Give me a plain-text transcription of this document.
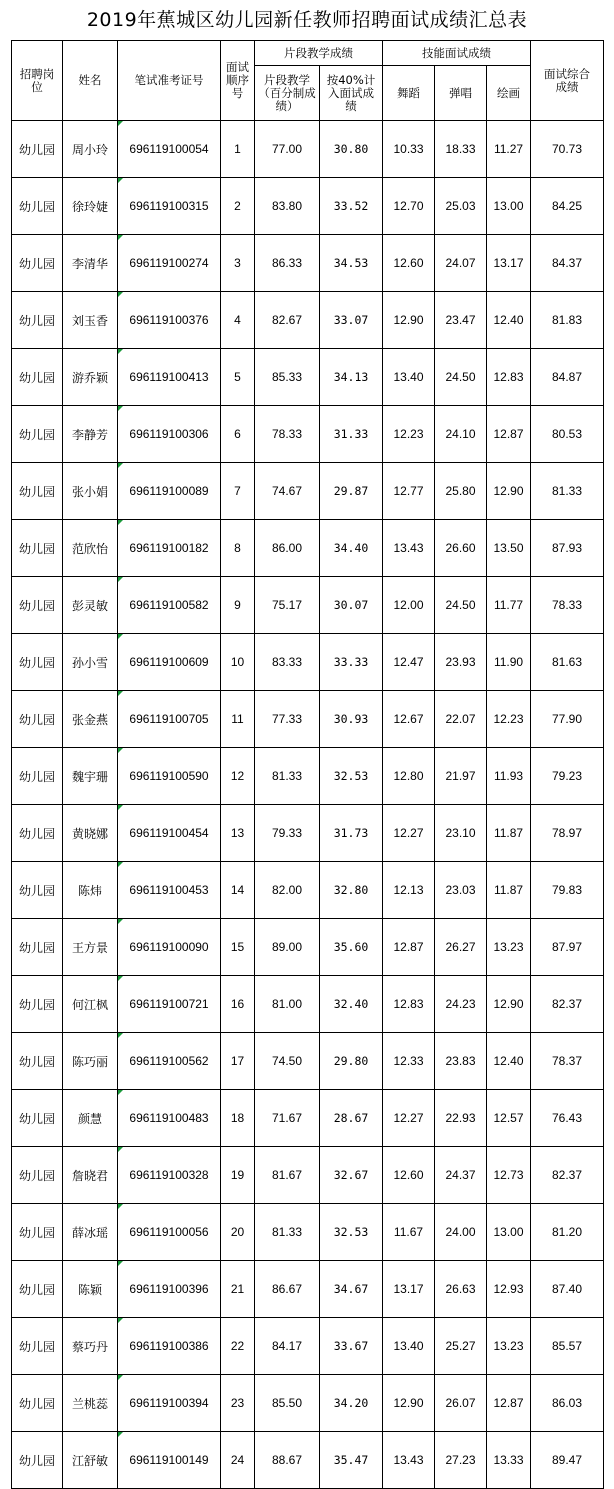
2019年蕉城区幼儿园新任教师招聘面试成绩汇总表
招聘岗位	姓名	笔试准考证号	面试顺序号	片段教学成绩		技能面试成绩			面试综合成绩
				片段教学（百分制成绩）	按40%计入面试成绩	舞蹈	弹唱	绘画	
幼儿园	周小玲	696119100054	1	77.00	30.80	10.33	18.33	11.27	70.73
幼儿园	徐玲婕	696119100315	2	83.80	33.52	12.70	25.03	13.00	84.25
幼儿园	李清华	696119100274	3	86.33	34.53	12.60	24.07	13.17	84.37
幼儿园	刘玉香	696119100376	4	82.67	33.07	12.90	23.47	12.40	81.83
幼儿园	游乔颖	696119100413	5	85.33	34.13	13.40	24.50	12.83	84.87
幼儿园	李静芳	696119100306	6	78.33	31.33	12.23	24.10	12.87	80.53
幼儿园	张小娟	696119100089	7	74.67	29.87	12.77	25.80	12.90	81.33
幼儿园	范欣怡	696119100182	8	86.00	34.40	13.43	26.60	13.50	87.93
幼儿园	彭灵敏	696119100582	9	75.17	30.07	12.00	24.50	11.77	78.33
幼儿园	孙小雪	696119100609	10	83.33	33.33	12.47	23.93	11.90	81.63
幼儿园	张金燕	696119100705	11	77.33	30.93	12.67	22.07	12.23	77.90
幼儿园	魏宇珊	696119100590	12	81.33	32.53	12.80	21.97	11.93	79.23
幼儿园	黄晓娜	696119100454	13	79.33	31.73	12.27	23.10	11.87	78.97
幼儿园	陈炜	696119100453	14	82.00	32.80	12.13	23.03	11.87	79.83
幼儿园	王方景	696119100090	15	89.00	35.60	12.87	26.27	13.23	87.97
幼儿园	何江枫	696119100721	16	81.00	32.40	12.83	24.23	12.90	82.37
幼儿园	陈巧丽	696119100562	17	74.50	29.80	12.33	23.83	12.40	78.37
幼儿园	颜慧	696119100483	18	71.67	28.67	12.27	22.93	12.57	76.43
幼儿园	詹晓君	696119100328	19	81.67	32.67	12.60	24.37	12.73	82.37
幼儿园	薛冰瑶	696119100056	20	81.33	32.53	11.67	24.00	13.00	81.20
幼儿园	陈颖	696119100396	21	86.67	34.67	13.17	26.63	12.93	87.40
幼儿园	蔡巧丹	696119100386	22	84.17	33.67	13.40	25.27	13.23	85.57
幼儿园	兰桃蕊	696119100394	23	85.50	34.20	12.90	26.07	12.87	86.03
幼儿园	江舒敏	696119100149	24	88.67	35.47	13.43	27.23	13.33	89.47
